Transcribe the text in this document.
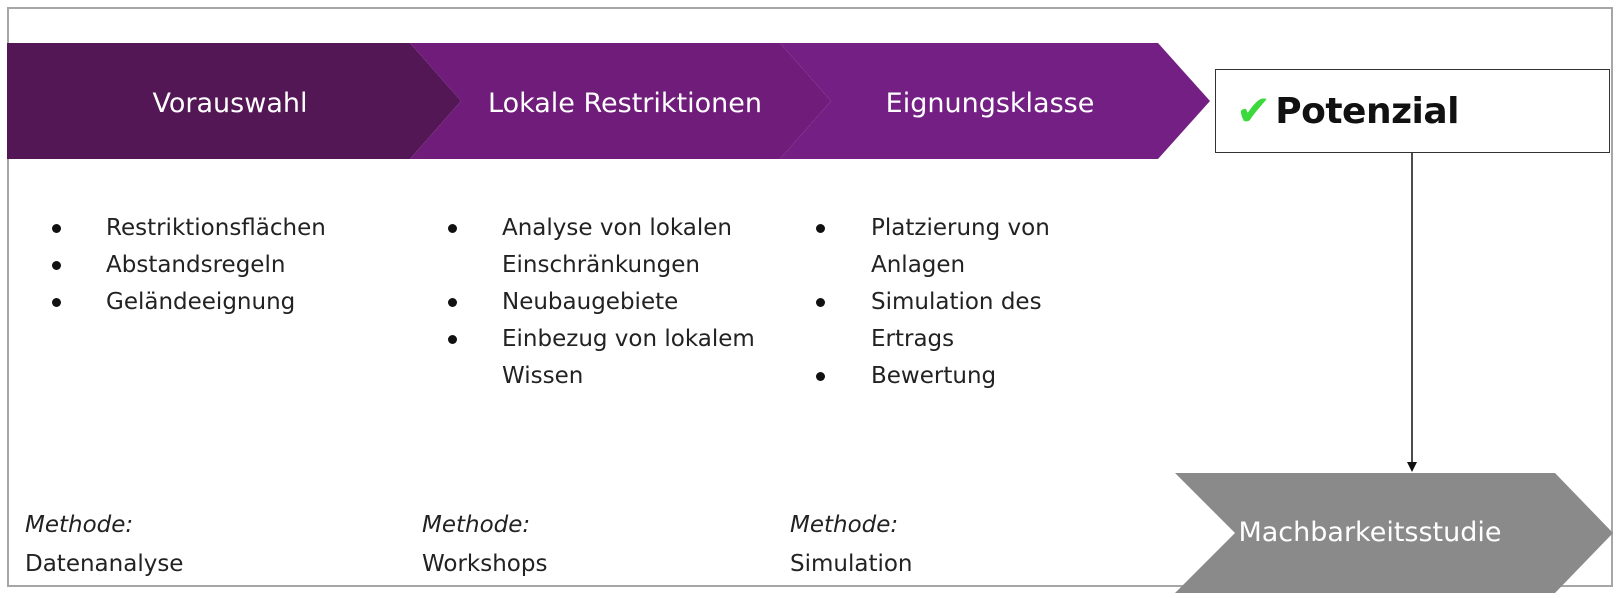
Vorauswahl	Lokale Restriktionen	Eignungsklasse	✔ Potenzial
Restriktionsflächen
Abstandsregeln
Geländeeignung
Analyse von lokalen
Einschränkungen
Neubaugebiete
Einbezug von lokalem
Wissen
Platzierung von
Anlagen
Simulation des
Ertrags
Bewertung
Methode:
Datenanalyse
Methode:
Workshops
Methode:
Simulation
Machbarkeitsstudie
